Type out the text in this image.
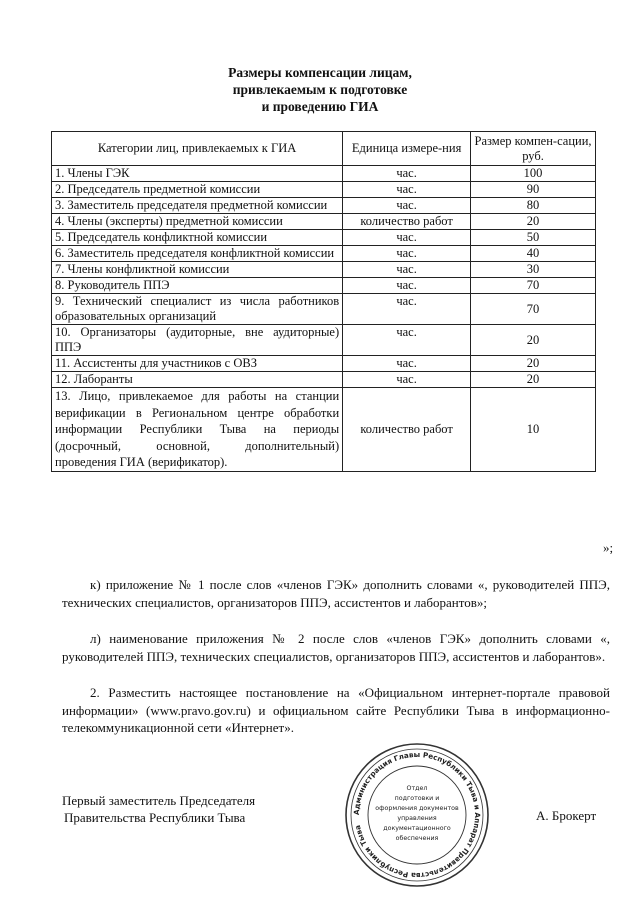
Размеры компенсации лицам,
привлекаемым к подготовке
и проведению ГИА
Категории лиц, привлекаемых к ГИА	Единица измере-ния	Размер компен-сации, руб.
1. Члены ГЭК	час.	100
2. Председатель предметной комиссии	час.	90
3. Заместитель председателя предметной комиссии	час.	80
4. Члены (эксперты) предметной комиссии	количество работ	20
5. Председатель конфликтной комиссии	час.	50
6. Заместитель председателя конфликтной комиссии	час.	40
7. Члены конфликтной комиссии	час.	30
8. Руководитель ППЭ	час.	70
9. Технический специалист из числа работников образовательных организаций	час.	70
10. Организаторы (аудиторные, вне аудиторные) ППЭ	час.	20
11. Ассистенты для участников с ОВЗ	час.	20
12. Лаборанты	час.	20
13. Лицо, привлекаемое для работы на станции верификации в Региональном центре обработки информации Республики Тыва на периоды (досрочный, основной, дополнительный) проведения ГИА (верификатор).	количество работ	10
»;

к) приложение № 1 после слов «членов ГЭК» дополнить словами «, руководителей ППЭ, технических специалистов, организаторов ППЭ, ассистентов и лаборантов»;

л) наименование приложения № 2 после слов «членов ГЭК» дополнить словами «, руководителей ППЭ, технических специалистов, организаторов ППЭ, ассистентов и лаборантов».

2. Разместить настоящее постановление на «Официальном интернет-портале правовой информации» (www.pravo.gov.ru) и официальном сайте Республики Тыва в информационно-телекоммуникационной сети «Интернет».

Первый заместитель Председателя
Правительства Республики Тыва	А. Брокерт
Администрация Главы Республики Тыва и Аппарат Правительства Республики Тыва
Отдел
подготовки и
оформления документов
управления
документационного
обеспечения
